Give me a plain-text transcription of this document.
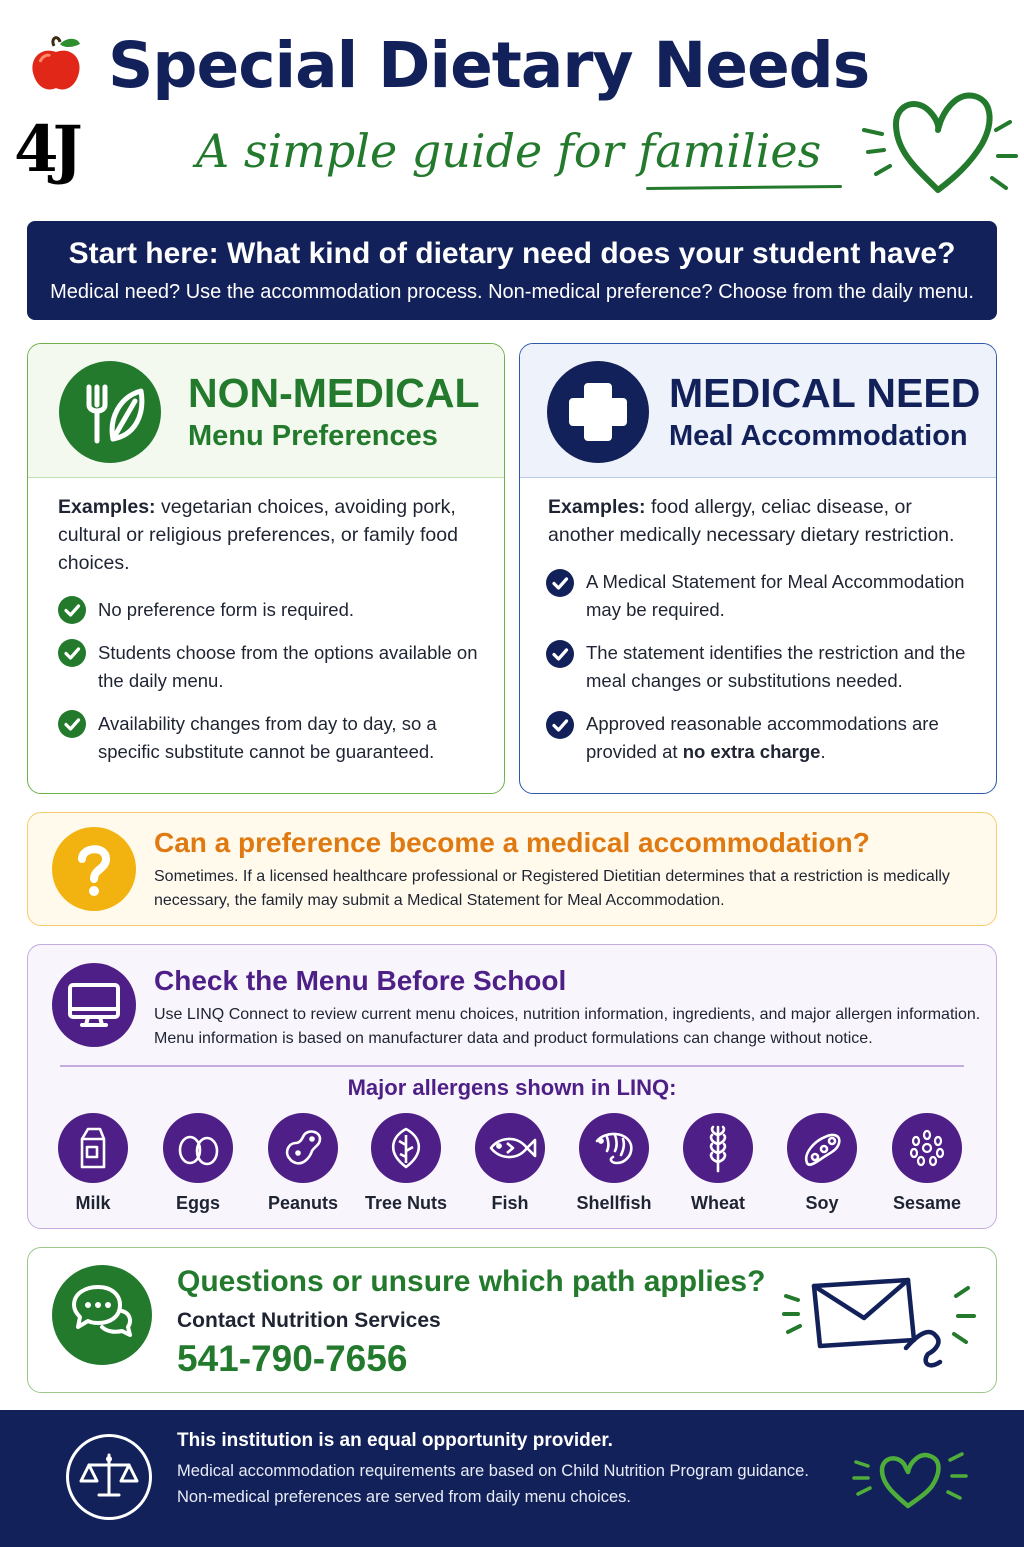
4J
Special Dietary Needs
A simple guide for families
Start here: What kind of dietary need does your student have?
Medical need? Use the accommodation process. Non-medical preference? Choose from the daily menu.
NON-MEDICAL
Menu Preferences
Examples: vegetarian choices, avoiding pork, cultural or religious preferences, or family food choices.
No preference form is required.
Students choose from the options available on the daily menu.
Availability changes from day to day, so a specific substitute cannot be guaranteed.
MEDICAL NEED
Meal Accommodation
Examples: food allergy, celiac disease, or another medically necessary dietary restriction.
A Medical Statement for Meal Accommodation may be required.
The statement identifies the restriction and the meal changes or substitutions needed.
Approved reasonable accommodations are provided at no extra charge.
Can a preference become a medical accommodation?
Sometimes. If a licensed healthcare professional or Registered Dietitian determines that a restriction is medically necessary, the family may submit a Medical Statement for Meal Accommodation.
Check the Menu Before School
Use LINQ Connect to review current menu choices, nutrition information, ingredients, and major allergen information. Menu information is based on manufacturer data and product formulations can change without notice.
Major allergens shown in LINQ:
Milk	Eggs	Peanuts	Tree Nuts	Fish	Shellfish	Wheat	Soy	Sesame
Questions or unsure which path applies?
Contact Nutrition Services
541-790-7656
This institution is an equal opportunity provider.
Medical accommodation requirements are based on Child Nutrition Program guidance.
Non-medical preferences are served from daily menu choices.
